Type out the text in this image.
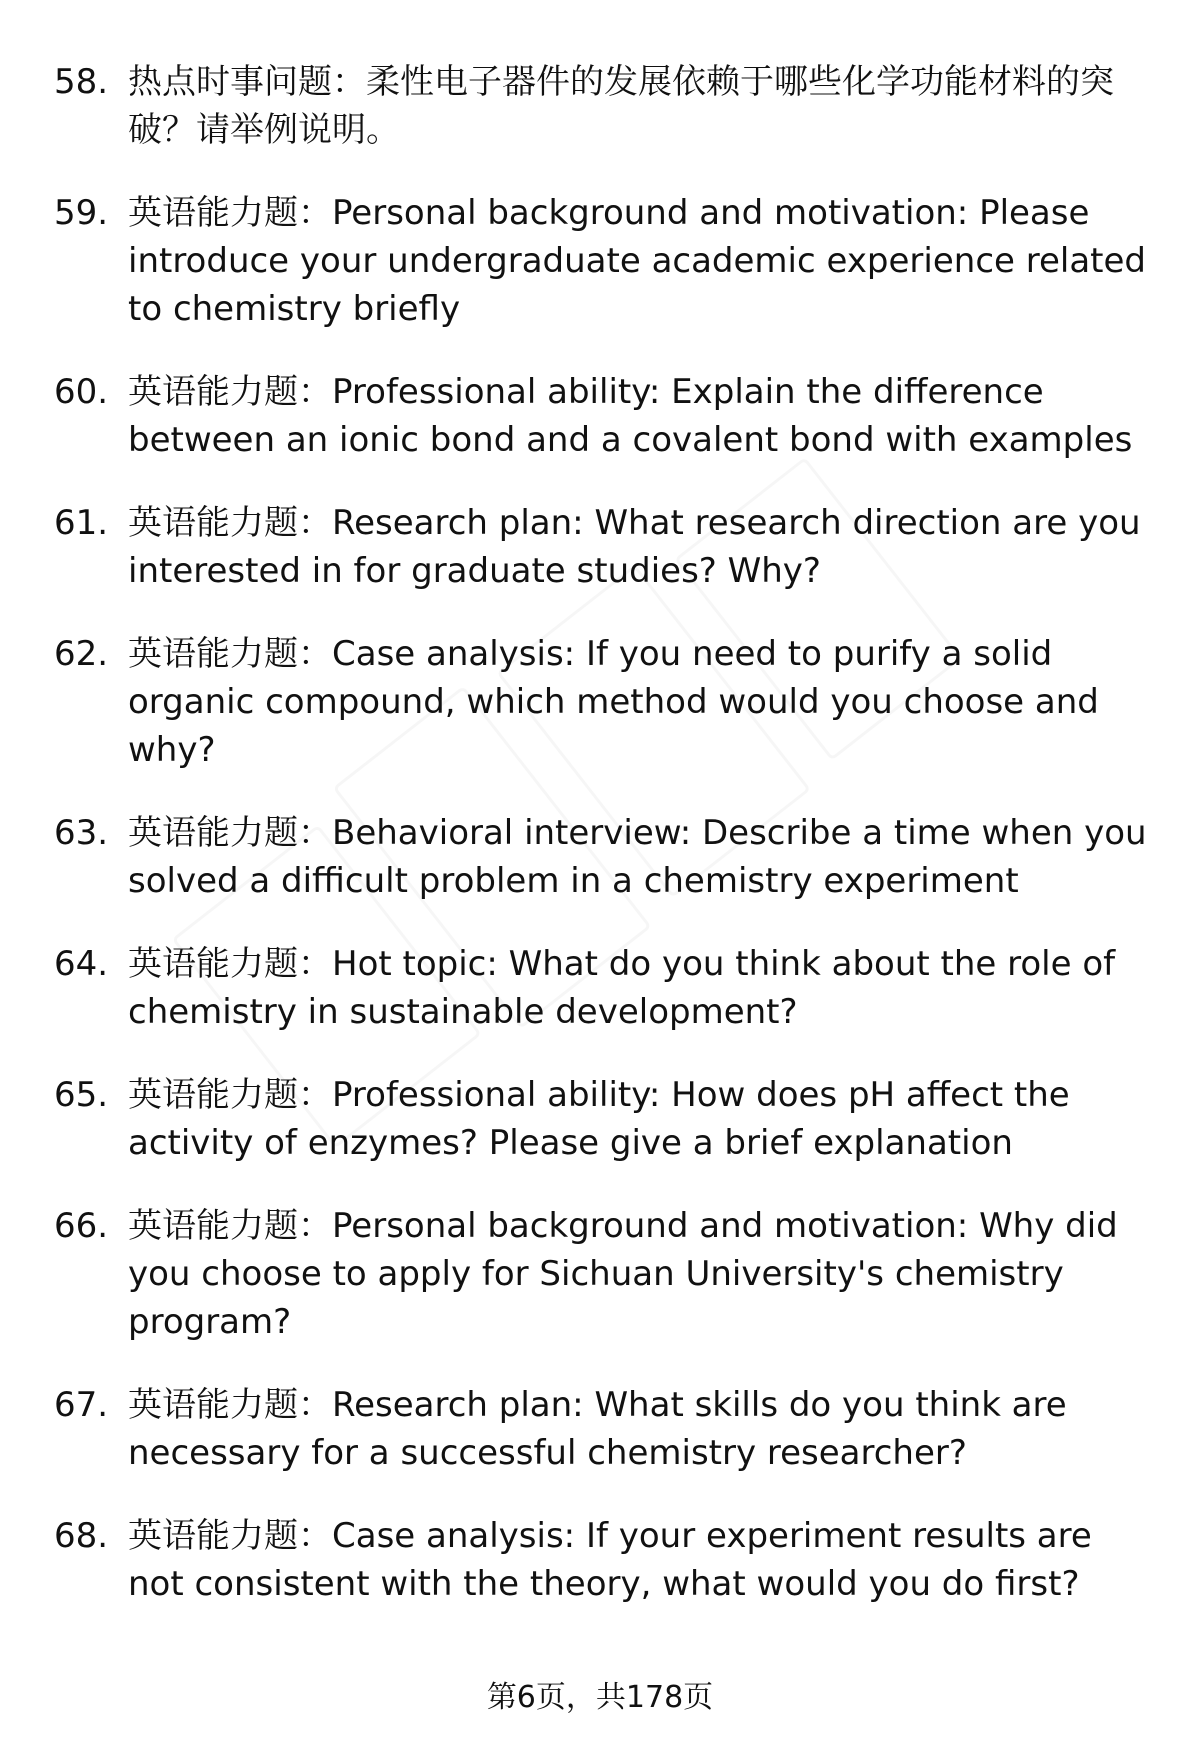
58. 热点时事问题：柔性电子器件的发展依赖于哪些化学功能材料的突破？请举例说明。
59. 英语能力题：Personal background and motivation: Please introduce your undergraduate academic experience related to chemistry briefly
60. 英语能力题：Professional ability: Explain the difference between an ionic bond and a covalent bond with examples
61. 英语能力题：Research plan: What research direction are you interested in for graduate studies? Why?
62. 英语能力题：Case analysis: If you need to purify a solid organic compound, which method would you choose and why?
63. 英语能力题：Behavioral interview: Describe a time when you solved a difficult problem in a chemistry experiment
64. 英语能力题：Hot topic: What do you think about the role of chemistry in sustainable development?
65. 英语能力题：Professional ability: How does pH affect the activity of enzymes? Please give a brief explanation
66. 英语能力题：Personal background and motivation: Why did you choose to apply for Sichuan University's chemistry program?
67. 英语能力题：Research plan: What skills do you think are necessary for a successful chemistry researcher?
68. 英语能力题：Case analysis: If your experiment results are not consistent with the theory, what would you do first?
第6页，共178页
